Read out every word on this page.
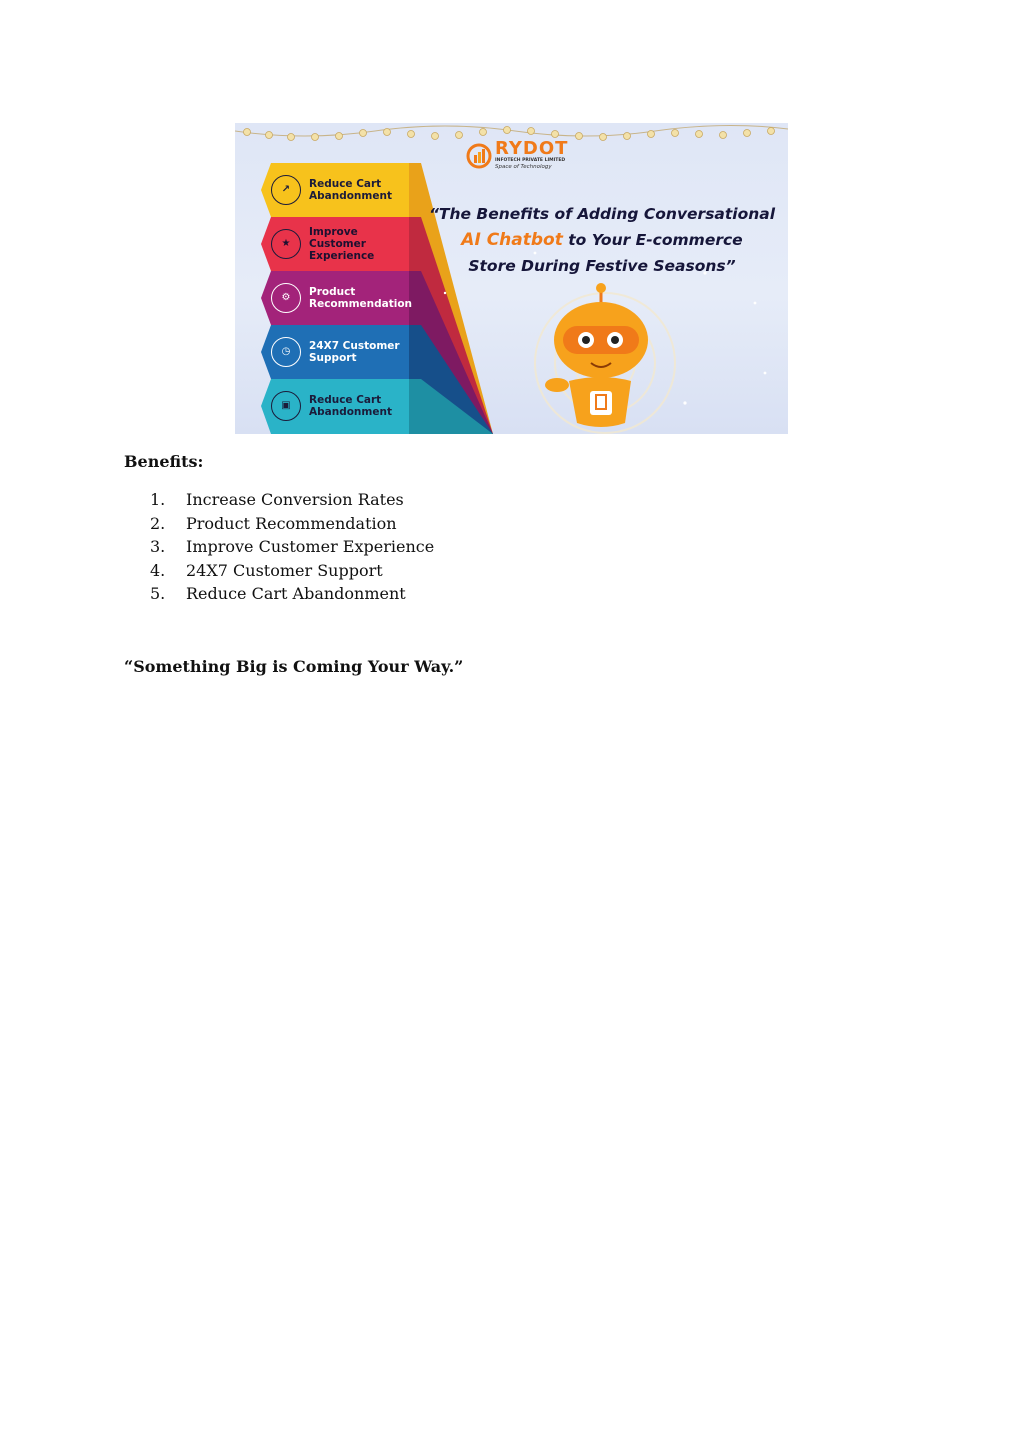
RYDOT
INFOTECH PRIVATE LIMITED
Space of Technology
“The Benefits of Adding Conversational
AI Chatbot to Your E-commerce
Store During Festive Seasons”
↗	Reduce Cart Abandonment
★
Improve Customer Experience
⚙	Product Recommendation
◷	24X7 Customer Support
▣	Reduce Cart Abandonment
Benefits:
1.	Increase Conversion Rates
2.	Product Recommendation
3.	Improve Customer Experience
4.	24X7 Customer Support
5.	Reduce Cart Abandonment
“Something Big is Coming Your Way.”
